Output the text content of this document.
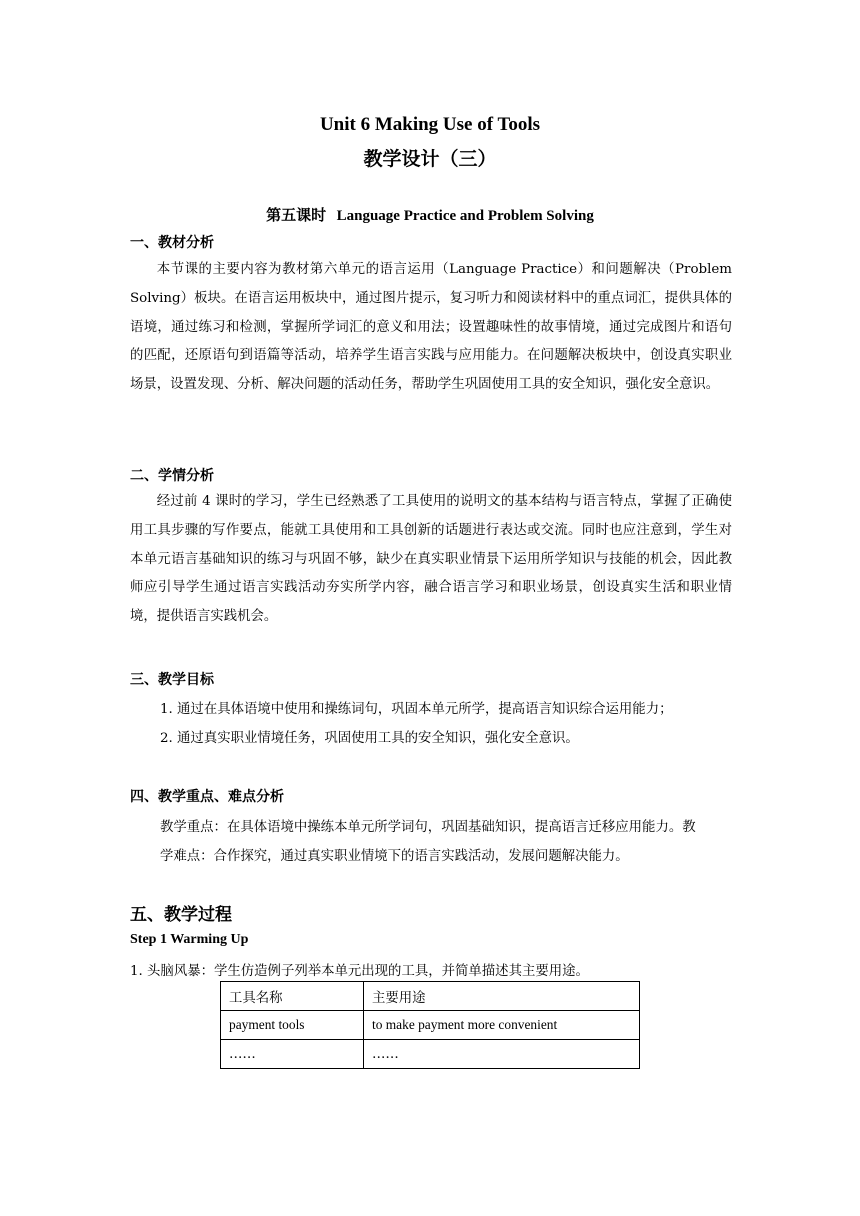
Unit 6 Making Use of Tools
教学设计（三）
第五课时 Language Practice and Problem Solving
一、教材分析
本节课的主要内容为教材第六单元的语言运用（Language Practice）和问题解决（Problem Solving）板块。在语言运用板块中，通过图片提示，复习听力和阅读材料中的重点词汇，提供具体的语境，通过练习和检测，掌握所学词汇的意义和用法；设置趣味性的故事情境，通过完成图片和语句的匹配，还原语句到语篇等活动，培养学生语言实践与应用能力。在问题解决板块中，创设真实职业场景，设置发现、分析、解决问题的活动任务，帮助学生巩固使用工具的安全知识，强化安全意识。
二、学情分析
经过前 4 课时的学习，学生已经熟悉了工具使用的说明文的基本结构与语言特点，掌握了正确使用工具步骤的写作要点，能就工具使用和工具创新的话题进行表达或交流。同时也应注意到，学生对本单元语言基础知识的练习与巩固不够，缺少在真实职业情景下运用所学知识与技能的机会，因此教师应引导学生通过语言实践活动夯实所学内容，融合语言学习和职业场景，创设真实生活和职业情境，提供语言实践机会。
三、教学目标
1. 通过在具体语境中使用和操练词句，巩固本单元所学，提高语言知识综合运用能力；
2. 通过真实职业情境任务，巩固使用工具的安全知识，强化安全意识。
四、教学重点、难点分析
教学重点：在具体语境中操练本单元所学词句，巩固基础知识，提高语言迁移应用能力。教
学难点：合作探究，通过真实职业情境下的语言实践活动，发展问题解决能力。
五、教学过程
Step 1 Warming Up
1. 头脑风暴：学生仿造例子列举本单元出现的工具，并简单描述其主要用途。
工具名称	主要用途
payment tools	to make payment more convenient
……	……
